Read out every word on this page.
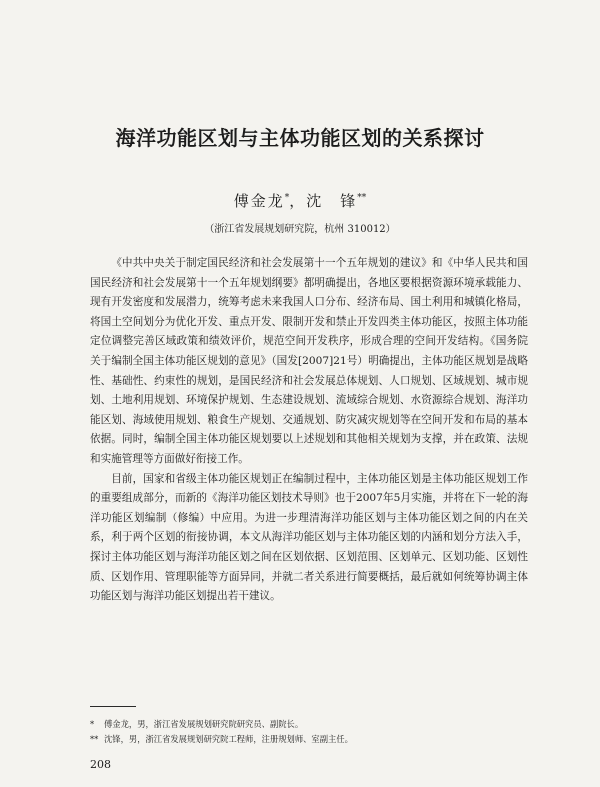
海洋功能区划与主体功能区划的关系探讨
傅金龙*，沈　锋**
（浙江省发展规划研究院，杭州 310012）

《中共中央关于制定国民经济和社会发展第十一个五年规划的建议》和《中华人民共和国国民经济和社会发展第十一个五年规划纲要》都明确提出，各地区要根据资源环境承载能力、现有开发密度和发展潜力，统筹考虑未来我国人口分布、经济布局、国土利用和城镇化格局，将国土空间划分为优化开发、重点开发、限制开发和禁止开发四类主体功能区，按照主体功能定位调整完善区域政策和绩效评价，规范空间开发秩序，形成合理的空间开发结构。《国务院关于编制全国主体功能区规划的意见》（国发[2007]21号）明确提出，主体功能区规划是战略性、基础性、约束性的规划，是国民经济和社会发展总体规划、人口规划、区域规划、城市规划、土地利用规划、环境保护规划、生态建设规划、流域综合规划、水资源综合规划、海洋功能区划、海域使用规划、粮食生产规划、交通规划、防灾减灾规划等在空间开发和布局的基本依据。同时，编制全国主体功能区规划要以上述规划和其他相关规划为支撑，并在政策、法规和实施管理等方面做好衔接工作。

目前，国家和省级主体功能区规划正在编制过程中，主体功能区划是主体功能区规划工作的重要组成部分，而新的《海洋功能区划技术导则》也于2007年5月实施，并将在下一轮的海洋功能区划编制（修编）中应用。为进一步理清海洋功能区划与主体功能区划之间的内在关系，利于两个区划的衔接协调，本文从海洋功能区划与主体功能区划的内涵和划分方法入手，探讨主体功能区划与海洋功能区划之间在区划依据、区划范围、区划单元、区划功能、区划性质、区划作用、管理职能等方面异同，并就二者关系进行简要概括，最后就如何统筹协调主体功能区划与海洋功能区划提出若干建议。

* 傅金龙，男，浙江省发展规划研究院研究员、副院长。
** 沈锋，男，浙江省发展规划研究院工程师，注册规划师、室副主任。
208
